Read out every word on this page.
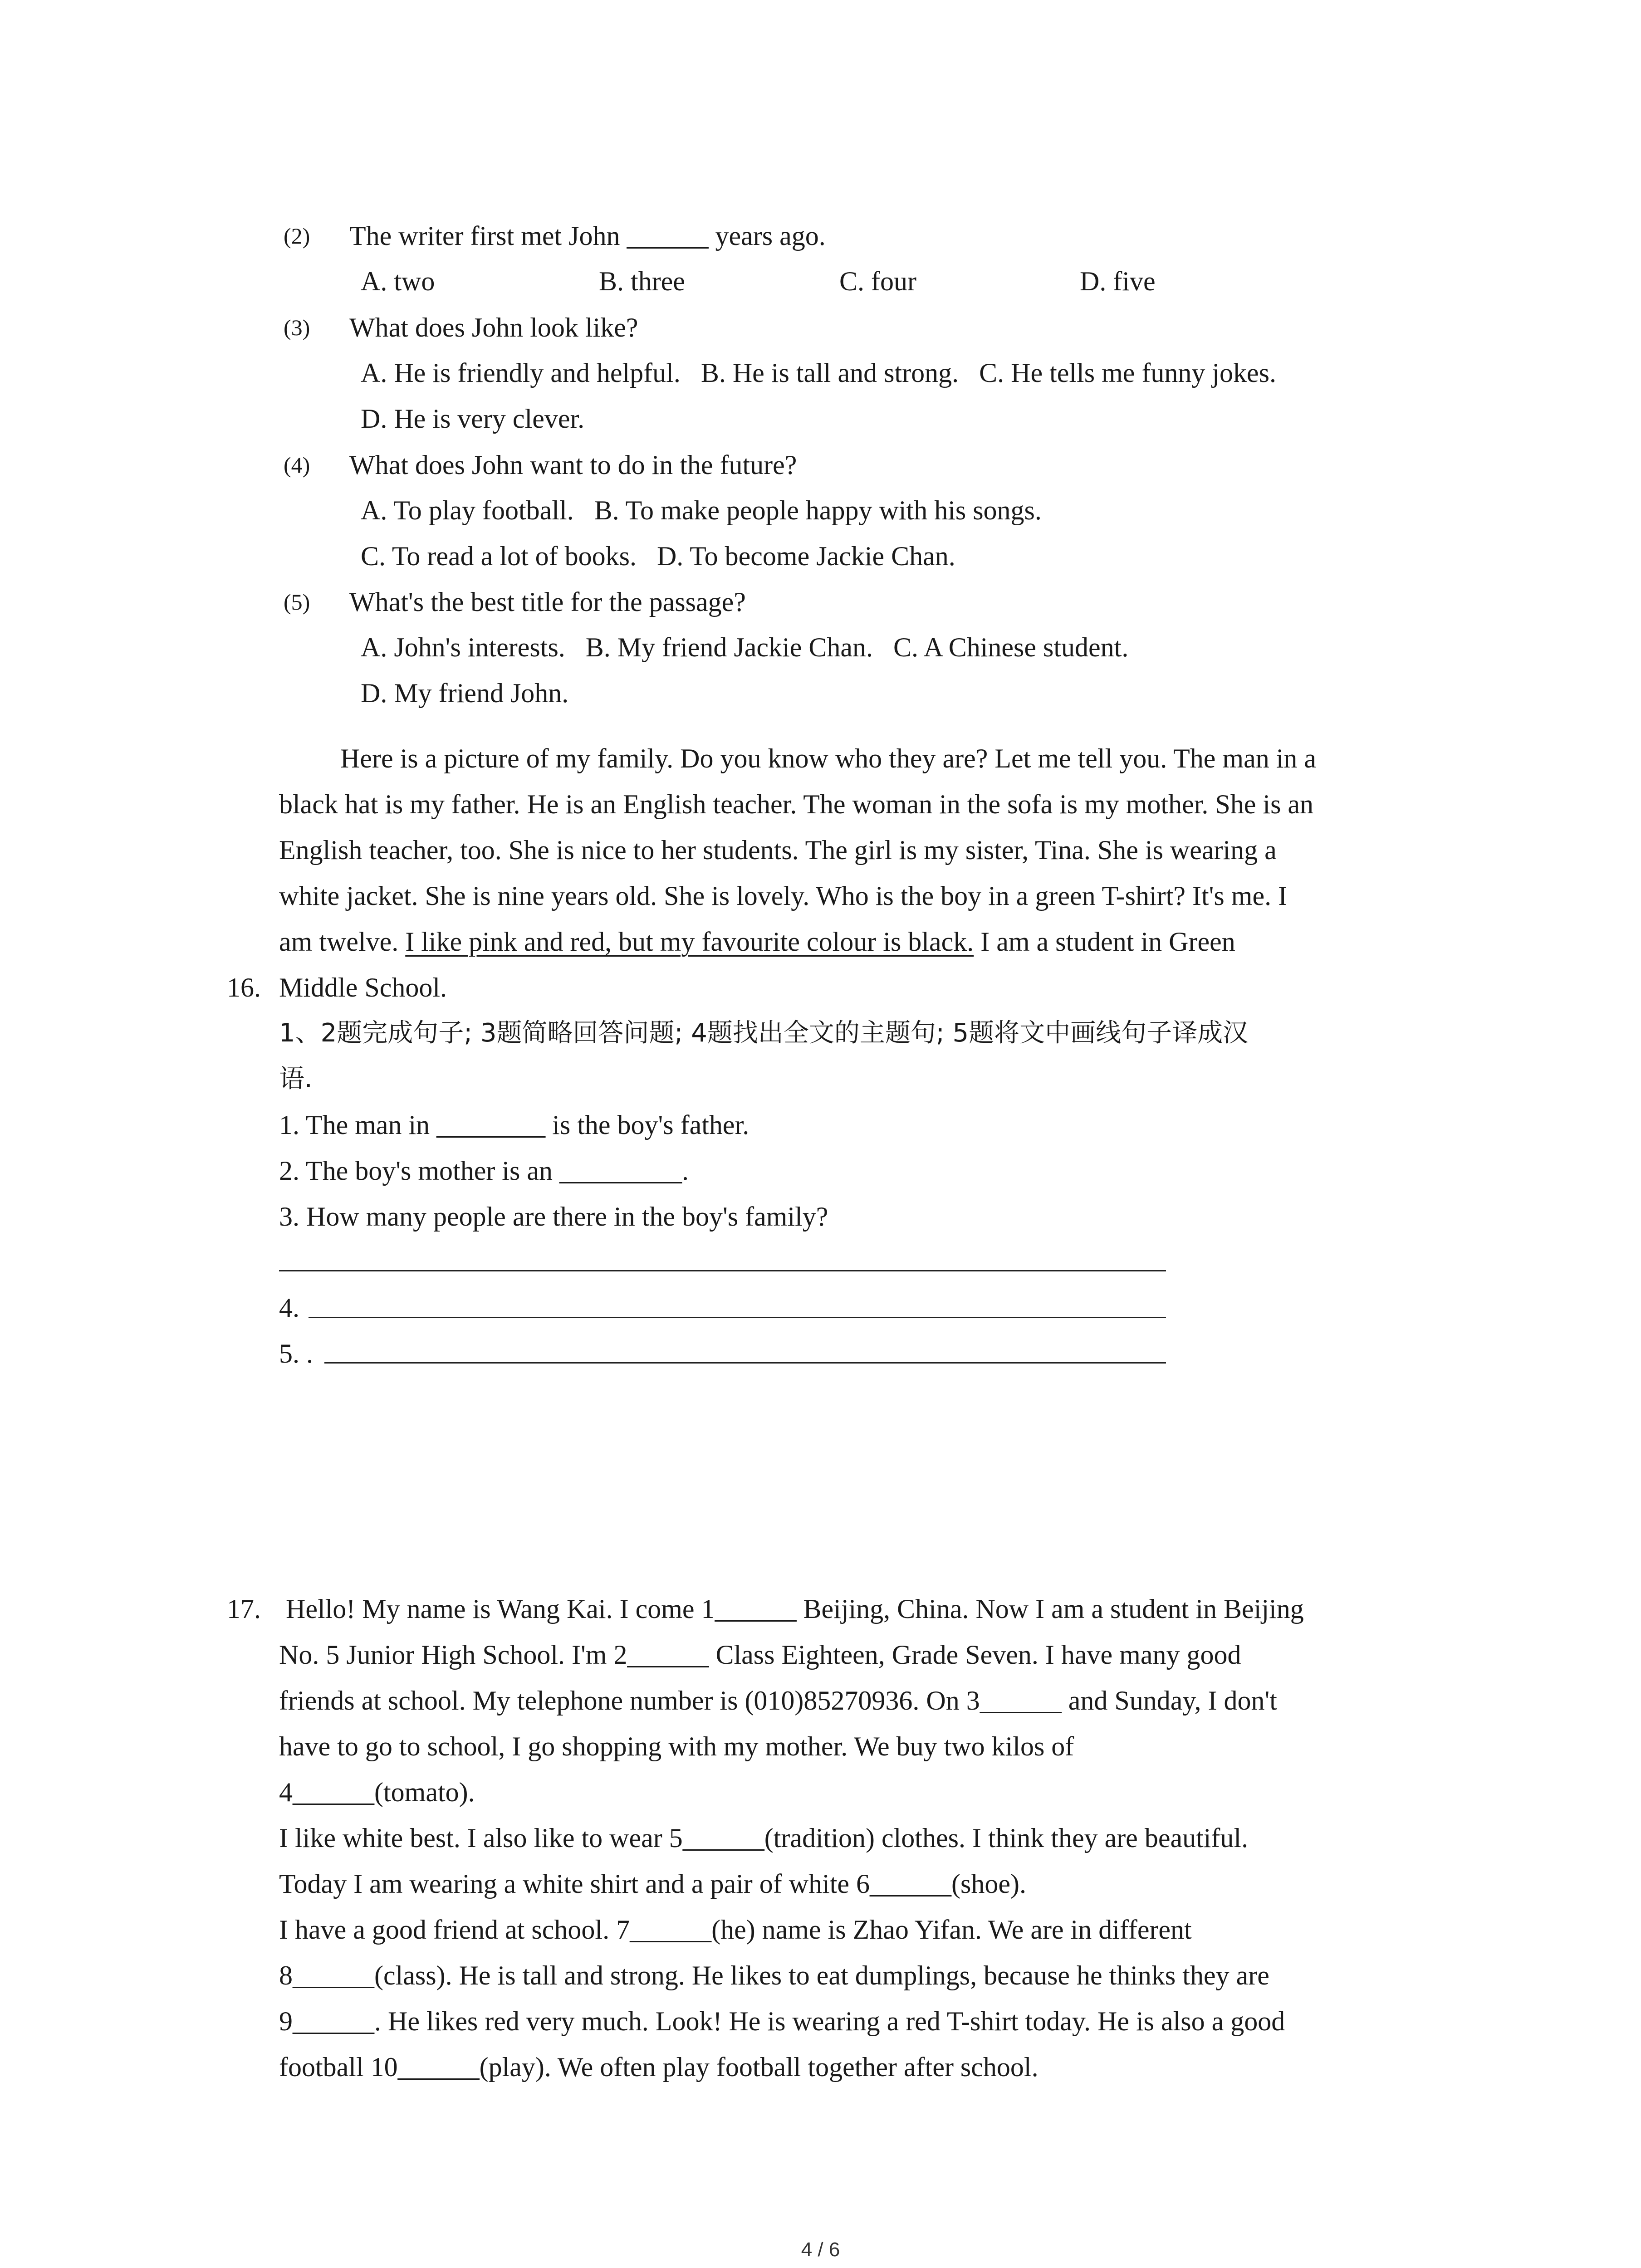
(2) The writer first met John ______ years ago.
A. two	B. three	C. four	D. five
(3) What does John look like?
A. He is friendly and helpful.   B. He is tall and strong.   C. He tells me funny jokes.
D. He is very clever.
(4) What does John want to do in the future?
A. To play football.   B. To make people happy with his songs.
C. To read a lot of books.   D. To become Jackie Chan.
(5) What's the best title for the passage?
A. John's interests.   B. My friend Jackie Chan.   C. A Chinese student.
D. My friend John.
Here is a picture of my family. Do you know who they are? Let me tell you. The man in a
black hat is my father. He is an English teacher. The woman in the sofa is my mother. She is an
English teacher, too. She is nice to her students. The girl is my sister, Tina. She is wearing a
white jacket. She is nine years old. She is lovely. Who is the boy in a green T-shirt? It's me. I
am twelve. I like pink and red, but my favourite colour is black. I am a student in Green
16. Middle School.
1、2题完成句子; 3题简略回答问题; 4题找出全文的主题句; 5题将文中画线句子译成汉
语.
1. The man in ________ is the boy's father.
2. The boy's mother is an _________.
3. How many people are there in the boy's family?
4.
5. .
17. Hello! My name is Wang Kai. I come 1______ Beijing, China. Now I am a student in Beijing
No. 5 Junior High School. I'm 2______ Class Eighteen, Grade Seven. I have many good
friends at school. My telephone number is (010)85270936. On 3______ and Sunday, I don't
have to go to school, I go shopping with my mother. We buy two kilos of
4______(tomato).
I like white best. I also like to wear 5______(tradition) clothes. I think they are beautiful.
Today I am wearing a white shirt and a pair of white 6______(shoe).
I have a good friend at school. 7______(he) name is Zhao Yifan. We are in different
8______(class). He is tall and strong. He likes to eat dumplings, because he thinks they are
9______. He likes red very much. Look! He is wearing a red T-shirt today. He is also a good
football 10______(play). We often play football together after school.
4 / 6
